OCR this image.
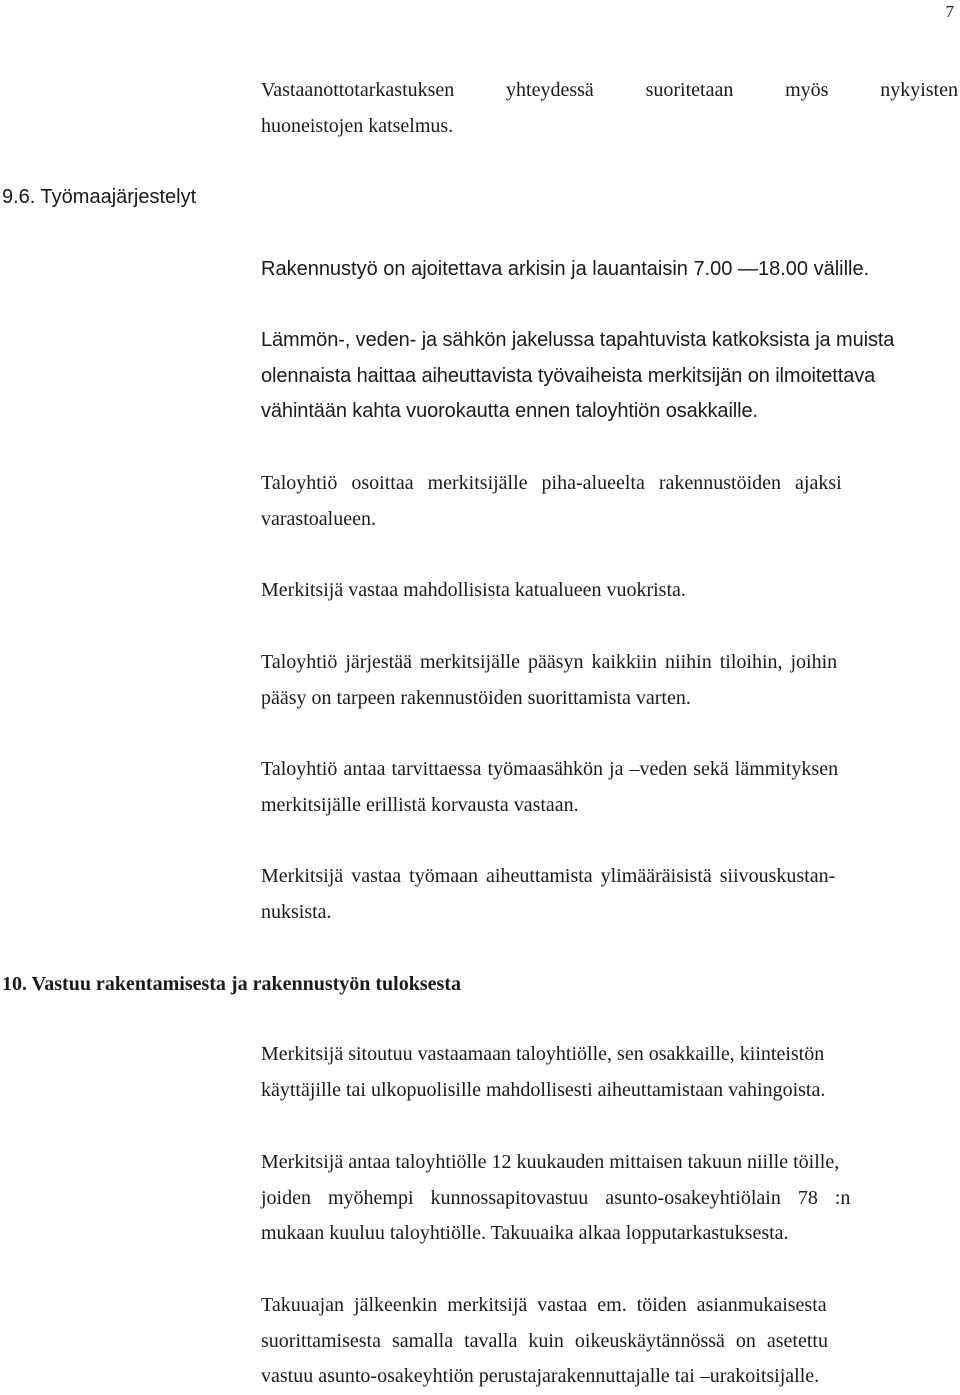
7
Vastaanottotarkastuksen	yhteydessä	suoritetaan	myös	nykyisten
huoneistojen katselmus.
9.6. Työmaajärjestelyt
Rakennustyö on ajoitettava arkisin ja lauantaisin 7.00 —18.00 välille.
Lämmön-, veden- ja sähkön jakelussa tapahtuvista katkoksista ja muista
olennaista haittaa aiheuttavista työvaiheista merkitsijän on ilmoitettava
vähintään kahta vuorokautta ennen taloyhtiön osakkaille.
Taloyhtiö osoittaa merkitsijälle piha-alueelta rakennustöiden ajaksi
varastoalueen.
Merkitsijä vastaa mahdollisista katualueen vuokrista.
Taloyhtiö järjestää merkitsijälle pääsyn kaikkiin niihin tiloihin, joihin
pääsy on tarpeen rakennustöiden suorittamista varten.
Taloyhtiö antaa tarvittaessa työmaasähkön ja –veden sekä lämmityksen
merkitsijälle erillistä korvausta vastaan.
Merkitsijä vastaa työmaan aiheuttamista ylimääräisistä siivouskustan-
nuksista.
10. Vastuu rakentamisesta ja rakennustyön tuloksesta
Merkitsijä sitoutuu vastaamaan taloyhtiölle, sen osakkaille, kiinteistön
käyttäjille tai ulkopuolisille mahdollisesti aiheuttamistaan vahingoista.
Merkitsijä antaa taloyhtiölle 12 kuukauden mittaisen takuun niille töille,
joiden myöhempi kunnossapitovastuu asunto-osakeyhtiölain 78 :n
mukaan kuuluu taloyhtiölle. Takuuaika alkaa lopputarkastuksesta.
Takuuajan jälkeenkin merkitsijä vastaa em. töiden asianmukaisesta
suorittamisesta samalla tavalla kuin oikeuskäytännössä on asetettu
vastuu asunto-osakeyhtiön perustajarakennuttajalle tai –urakoitsijalle.
